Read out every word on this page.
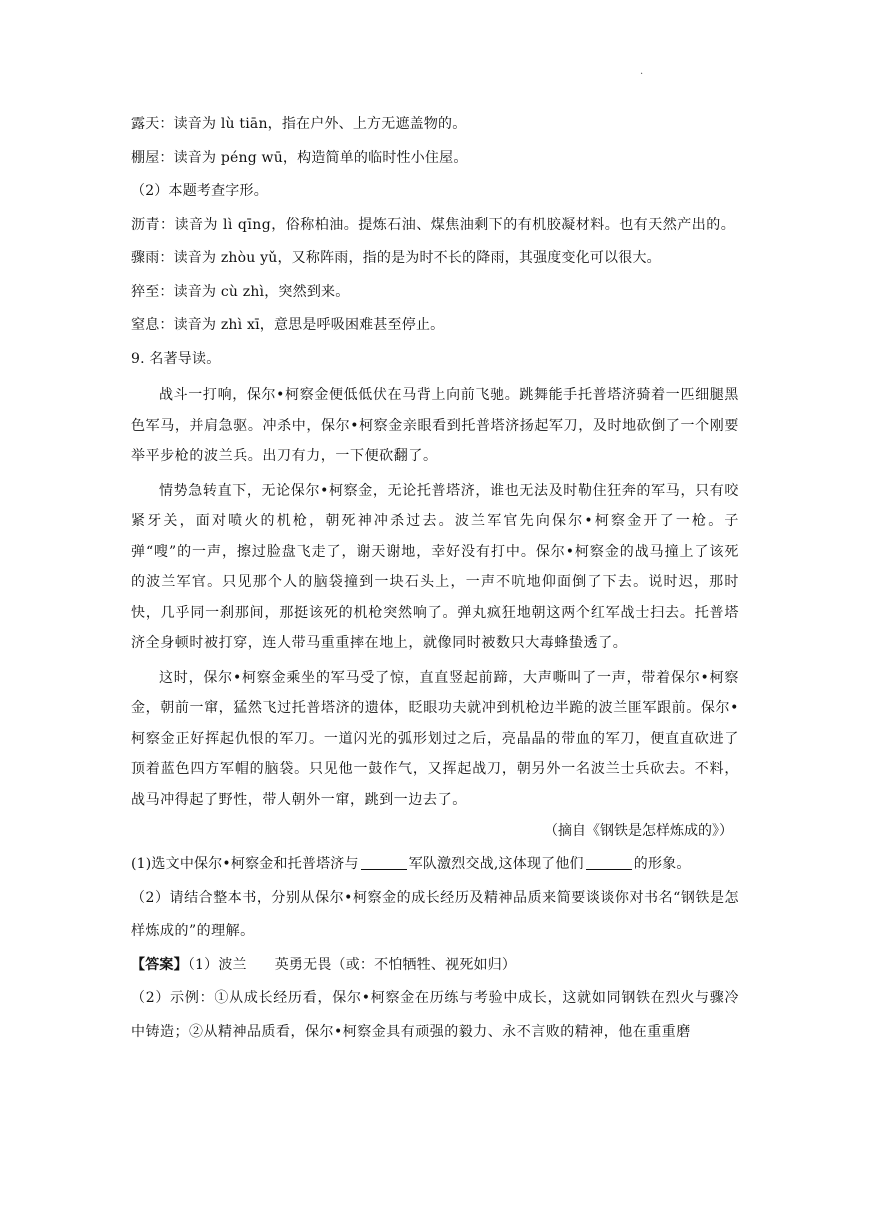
.
露天：读音为 lù tiān，指在户外、上方无遮盖物的。
棚屋：读音为 péng wū，构造简单的临时性小住屋。
（2）本题考查字形。
沥青：读音为 lì qīng，俗称柏油。提炼石油、煤焦油剩下的有机胶凝材料。也有天然产出的。
骤雨：读音为 zhòu yǔ，又称阵雨，指的是为时不长的降雨，其强度变化可以很大。
猝至：读音为 cù zhì，突然到来。
窒息：读音为 zhì xī，意思是呼吸困难甚至停止。
9. 名著导读。

战斗一打响，保尔•柯察金便低低伏在马背上向前飞驰。跳舞能手托普塔济骑着一匹细腿黑色军马，并肩急驱。冲杀中，保尔•柯察金亲眼看到托普塔济扬起军刀，及时地砍倒了一个刚要举平步枪的波兰兵。出刀有力，一下便砍翻了。

情势急转直下，无论保尔•柯察金，无论托普塔济，谁也无法及时勒住狂奔的军马，只有咬紧牙关，面对喷火的机枪，朝死神冲杀过去。波兰军官先向保尔•柯察金开了一枪。子弹“嗖”的一声，擦过脸盘飞走了，谢天谢地，幸好没有打中。保尔•柯察金的战马撞上了该死的波兰军官。只见那个人的脑袋撞到一块石头上，一声不吭地仰面倒了下去。说时迟，那时快，几乎同一刹那间，那挺该死的机枪突然响了。弹丸疯狂地朝这两个红军战士扫去。托普塔济全身顿时被打穿，连人带马重重摔在地上，就像同时被数只大毒蜂蛰透了。

这时，保尔•柯察金乘坐的军马受了惊，直直竖起前蹄，大声嘶叫了一声，带着保尔•柯察金，朝前一窜，猛然飞过托普塔济的遗体，眨眼功夫就冲到机枪边半跪的波兰匪军跟前。保尔•柯察金正好挥起仇恨的军刀。一道闪光的弧形划过之后，亮晶晶的带血的军刀，便直直砍进了顶着蓝色四方军帽的脑袋。只见他一鼓作气，又挥起战刀，朝另外一名波兰士兵砍去。不料，战马冲得起了野性，带人朝外一窜，跳到一边去了。

（摘自《钢铁是怎样炼成的》）
(1)选文中保尔•柯察金和托普塔济与	军队激烈交战,这体现了他们	的形象。
（2）请结合整本书，分别从保尔•柯察金的成长经历及精神品质来简要谈谈你对书名“钢铁是怎样炼成的”的理解。
【答案】（1）波兰 英勇无畏（或：不怕牺牲、视死如归）
（2）示例：①从成长经历看，保尔•柯察金在历练与考验中成长，这就如同钢铁在烈火与骤冷中铸造；②从精神品质看，保尔•柯察金具有顽强的毅力、永不言败的精神，他在重重磨
